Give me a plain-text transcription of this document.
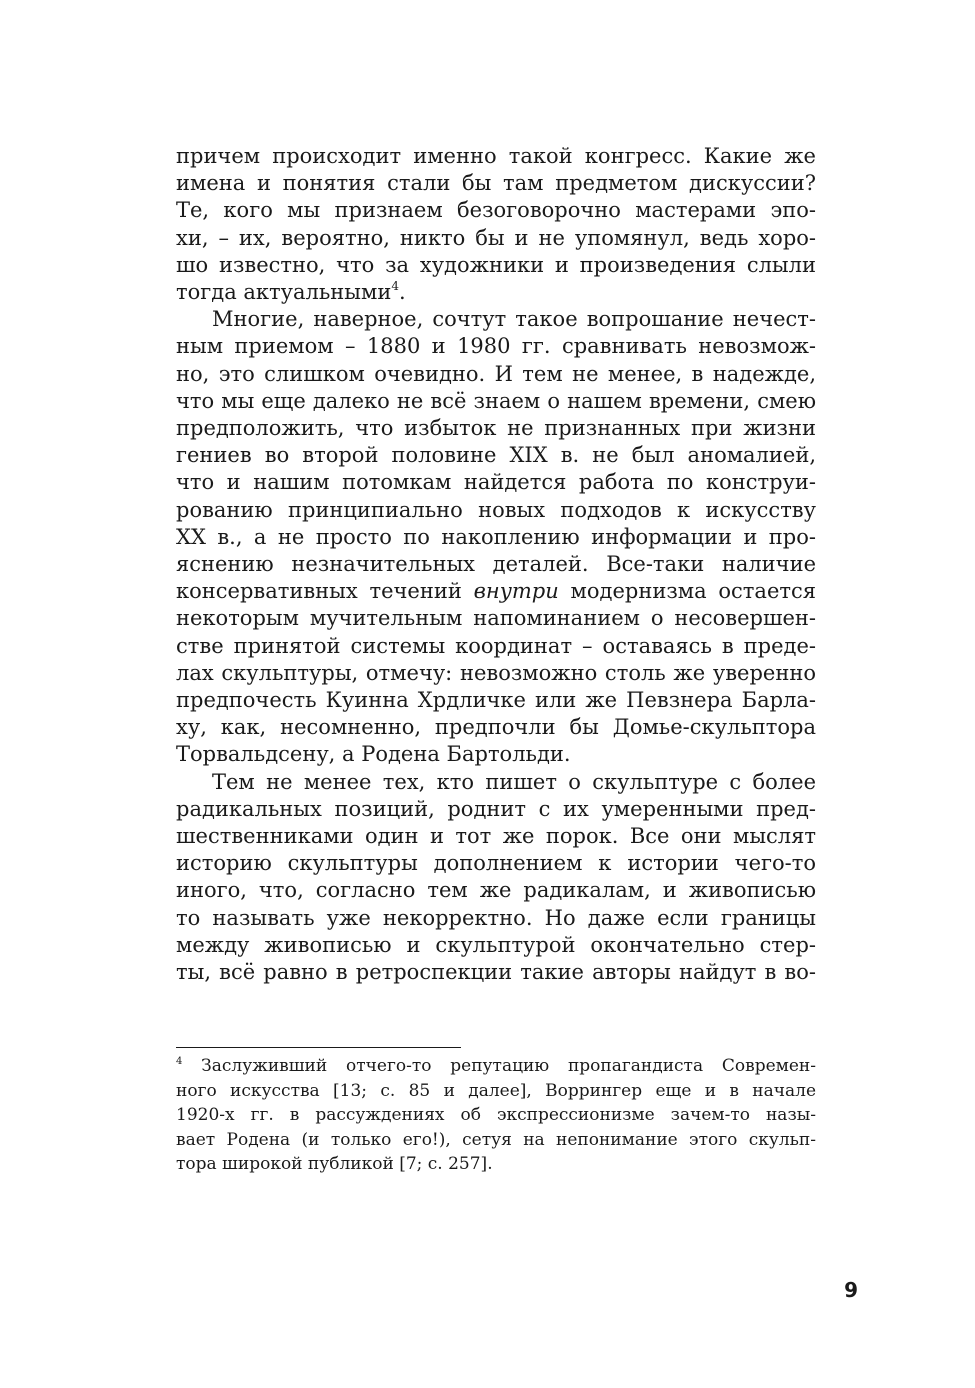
причем происходит именно такой конгресс. Какие же
имена и понятия стали бы там предметом дискуссии?
Те, кого мы признаем безоговорочно мастерами эпо-
хи, – их, вероятно, никто бы и не упомянул, ведь хоро-
шо известно, что за художники и произведения слыли
тогда актуальными$^4$.

Многие, наверное, сочтут такое вопрошание нечест-
ным приемом – 1880 и 1980 гг. сравнивать невозмож-
но, это слишком очевидно. И тем не менее, в надежде,
что мы еще далеко не всё знаем о нашем времени, смею
предположить, что избыток не признанных при жизни
гениев во второй половине XIX в. не был аномалией,
что и нашим потомкам найдется работа по конструи-
рованию принципиально новых подходов к искусству
XX в., а не просто по накоплению информации и про-
яснению незначительных деталей. Все-таки наличие
консервативных течений внутри модернизма остается
некоторым мучительным напоминанием о несовершен-
стве принятой системы координат – оставаясь в преде-
лах скульптуры, отмечу: невозможно столь же уверенно
предпочесть Куинна Хрдличке или же Певзнера Барла-
ху, как, несомненно, предпочли бы Домье-скульптора
Торвальдсену, а Родена Бартольди.

Тем не менее тех, кто пишет о скульптуре с более
радикальных позиций, роднит с их умеренными пред-
шественниками один и тот же порок. Все они мыслят
историю скульптуры дополнением к истории чего-то
иного, что, согласно тем же радикалам, и живописью
то называть уже некорректно. Но даже если границы
между живописью и скульптурой окончательно стер-
ты, всё равно в ретроспекции такие авторы найдут в во-

$^4$ Заслуживший отчего-то репутацию пропагандиста Современ-
ного искусства [13; с. 85 и далее], Воррингер еще и в начале
1920-х гг. в рассуждениях об экспрессионизме зачем-то назы-
вает Родена (и только его!), сетуя на непонимание этого скульп-
тора широкой публикой [7; с. 257].

9
